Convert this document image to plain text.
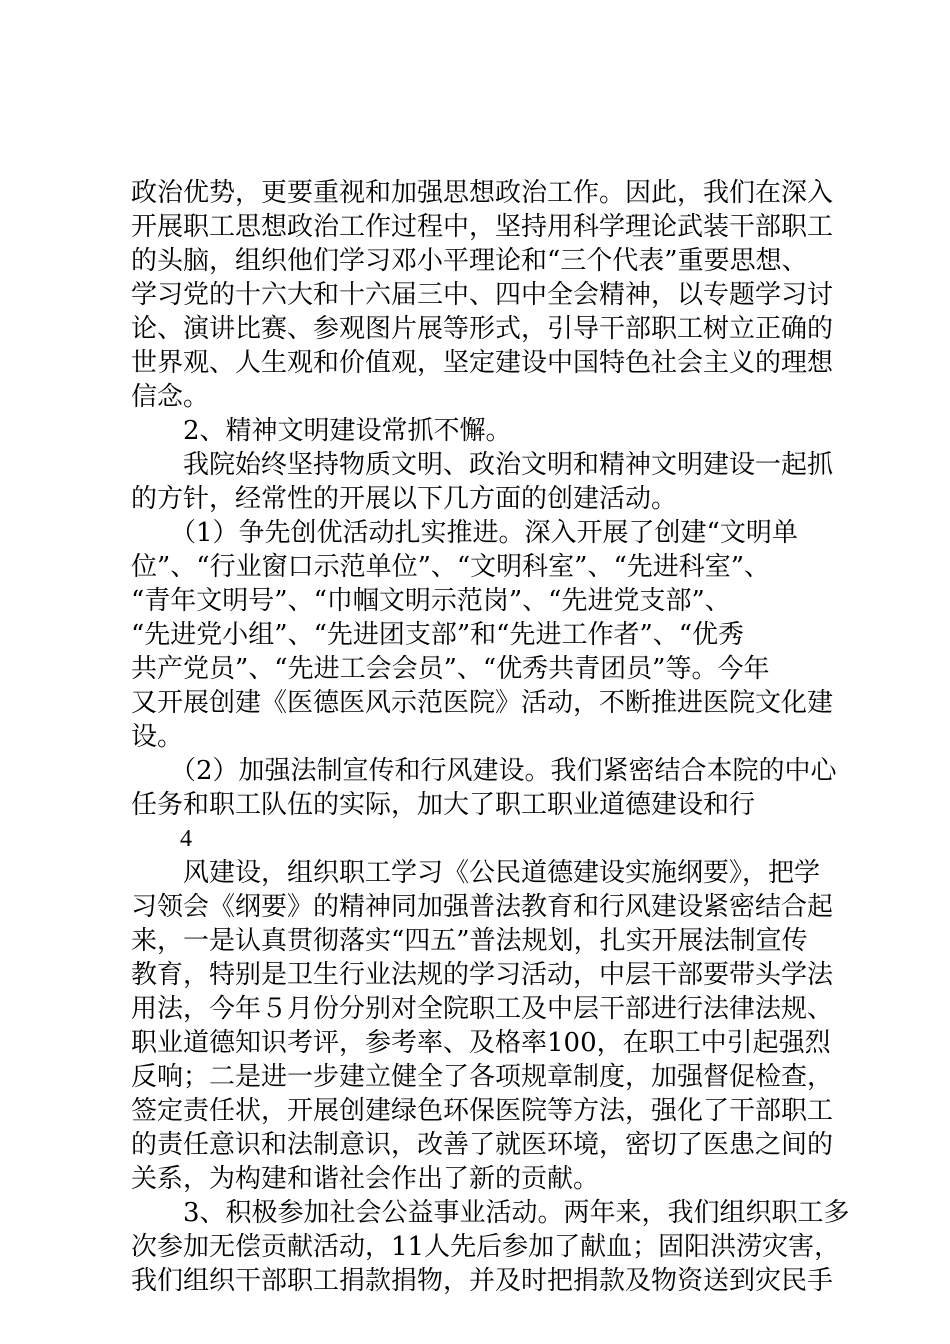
政治优势，更要重视和加强思想政治工作。因此，我们在深入
开展职工思想政治工作过程中，坚持用科学理论武装干部职工
的头脑，组织他们学习邓小平理论和“三个代表”重要思想、
学习党的十六大和十六届三中、四中全会精神，以专题学习讨
论、演讲比赛、参观图片展等形式，引导干部职工树立正确的
世界观、人生观和价值观，坚定建设中国特色社会主义的理想
信念。
　　2、精神文明建设常抓不懈。
　　我院始终坚持物质文明、政治文明和精神文明建设一起抓
的方针，经常性的开展以下几方面的创建活动。
　　（1）争先创优活动扎实推进。深入开展了创建“文明单
位”、“行业窗口示范单位”、“文明科室”、“先进科室”、
“青年文明号”、“巾帼文明示范岗”、“先进党支部”、
“先进党小组”、“先进团支部”和“先进工作者”、“优秀
共产党员”、“先进工会会员”、“优秀共青团员”等。今年
又开展创建《医德医风示范医院》活动，不断推进医院文化建
设。
　　（2）加强法制宣传和行风建设。我们紧密结合本院的中心
任务和职工队伍的实际，加大了职工职业道德建设和行
4
　　风建设，组织职工学习《公民道德建设实施纲要》，把学
习领会《纲要》的精神同加强普法教育和行风建设紧密结合起
来，一是认真贯彻落实“四五”普法规划，扎实开展法制宣传
教育，特别是卫生行业法规的学习活动，中层干部要带头学法
用法，今年５月份分别对全院职工及中层干部进行法律法规、
职业道德知识考评，参考率、及格率100，在职工中引起强烈
反响；二是进一步建立健全了各项规章制度，加强督促检查，
签定责任状，开展创建绿色环保医院等方法，强化了干部职工
的责任意识和法制意识，改善了就医环境，密切了医患之间的
关系，为构建和谐社会作出了新的贡献。
　　3、积极参加社会公益事业活动。两年来，我们组织职工多
次参加无偿贡献活动，11人先后参加了献血；固阳洪涝灾害，
我们组织干部职工捐款捐物，并及时把捐款及物资送到灾民手
